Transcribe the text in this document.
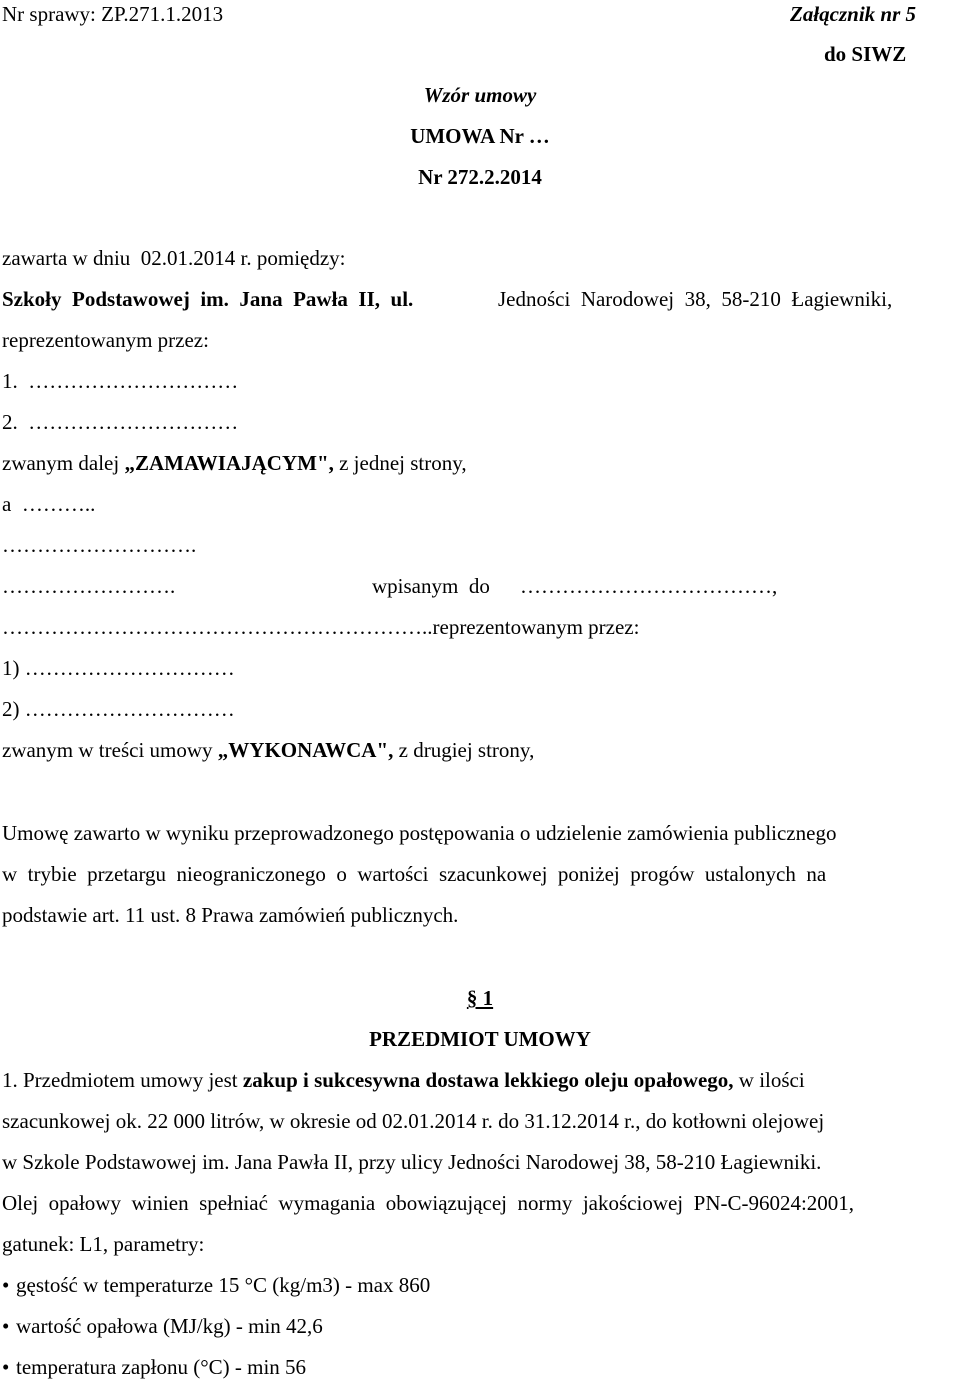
Nr sprawy: ZP.271.1.2013	Załącznik nr 5
do SIWZ
Wzór umowy
UMOWA Nr …
Nr 272.2.2014
zawarta w dniu  02.01.2014 r. pomiędzy:
Szkoły  Podstawowej  im.  Jana  Pawła  II,  ul.	Jedności  Narodowej  38,  58-210  Łagiewniki,
reprezentowanym przez:
1.  …………………………
2.  …………………………
zwanym dalej „ZAMAWIAJĄCYM", z jednej strony,
a  ………..
……………………….
…………………….	wpisanym  do ………………………………,
……………………………………………………..reprezentowanym przez:
1) …………………………
2) …………………………
zwanym w treści umowy „WYKONAWCA", z drugiej strony,
Umowę zawarto w wyniku przeprowadzonego postępowania o udzielenie zamówienia publicznego
w  trybie  przetargu  nieograniczonego  o  wartości  szacunkowej  poniżej  progów  ustalonych  na
podstawie art. 11 ust. 8 Prawa zamówień publicznych.
§ 1
PRZEDMIOT UMOWY
1. Przedmiotem umowy jest zakup i sukcesywna dostawa lekkiego oleju opałowego, w ilości
szacunkowej ok. 22 000 litrów, w okresie od 02.01.2014 r. do 31.12.2014 r., do kotłowni olejowej
w Szkole Podstawowej im. Jana Pawła II, przy ulicy Jedności Narodowej 38, 58-210 Łagiewniki.
Olej  opałowy  winien  spełniać  wymagania  obowiązującej  normy  jakościowej  PN-C-96024:2001,
gatunek: L1, parametry:
• gęstość w temperaturze 15 °C (kg/m3) - max 860
• wartość opałowa (MJ/kg) - min 42,6
• temperatura zapłonu (°C) - min 56
